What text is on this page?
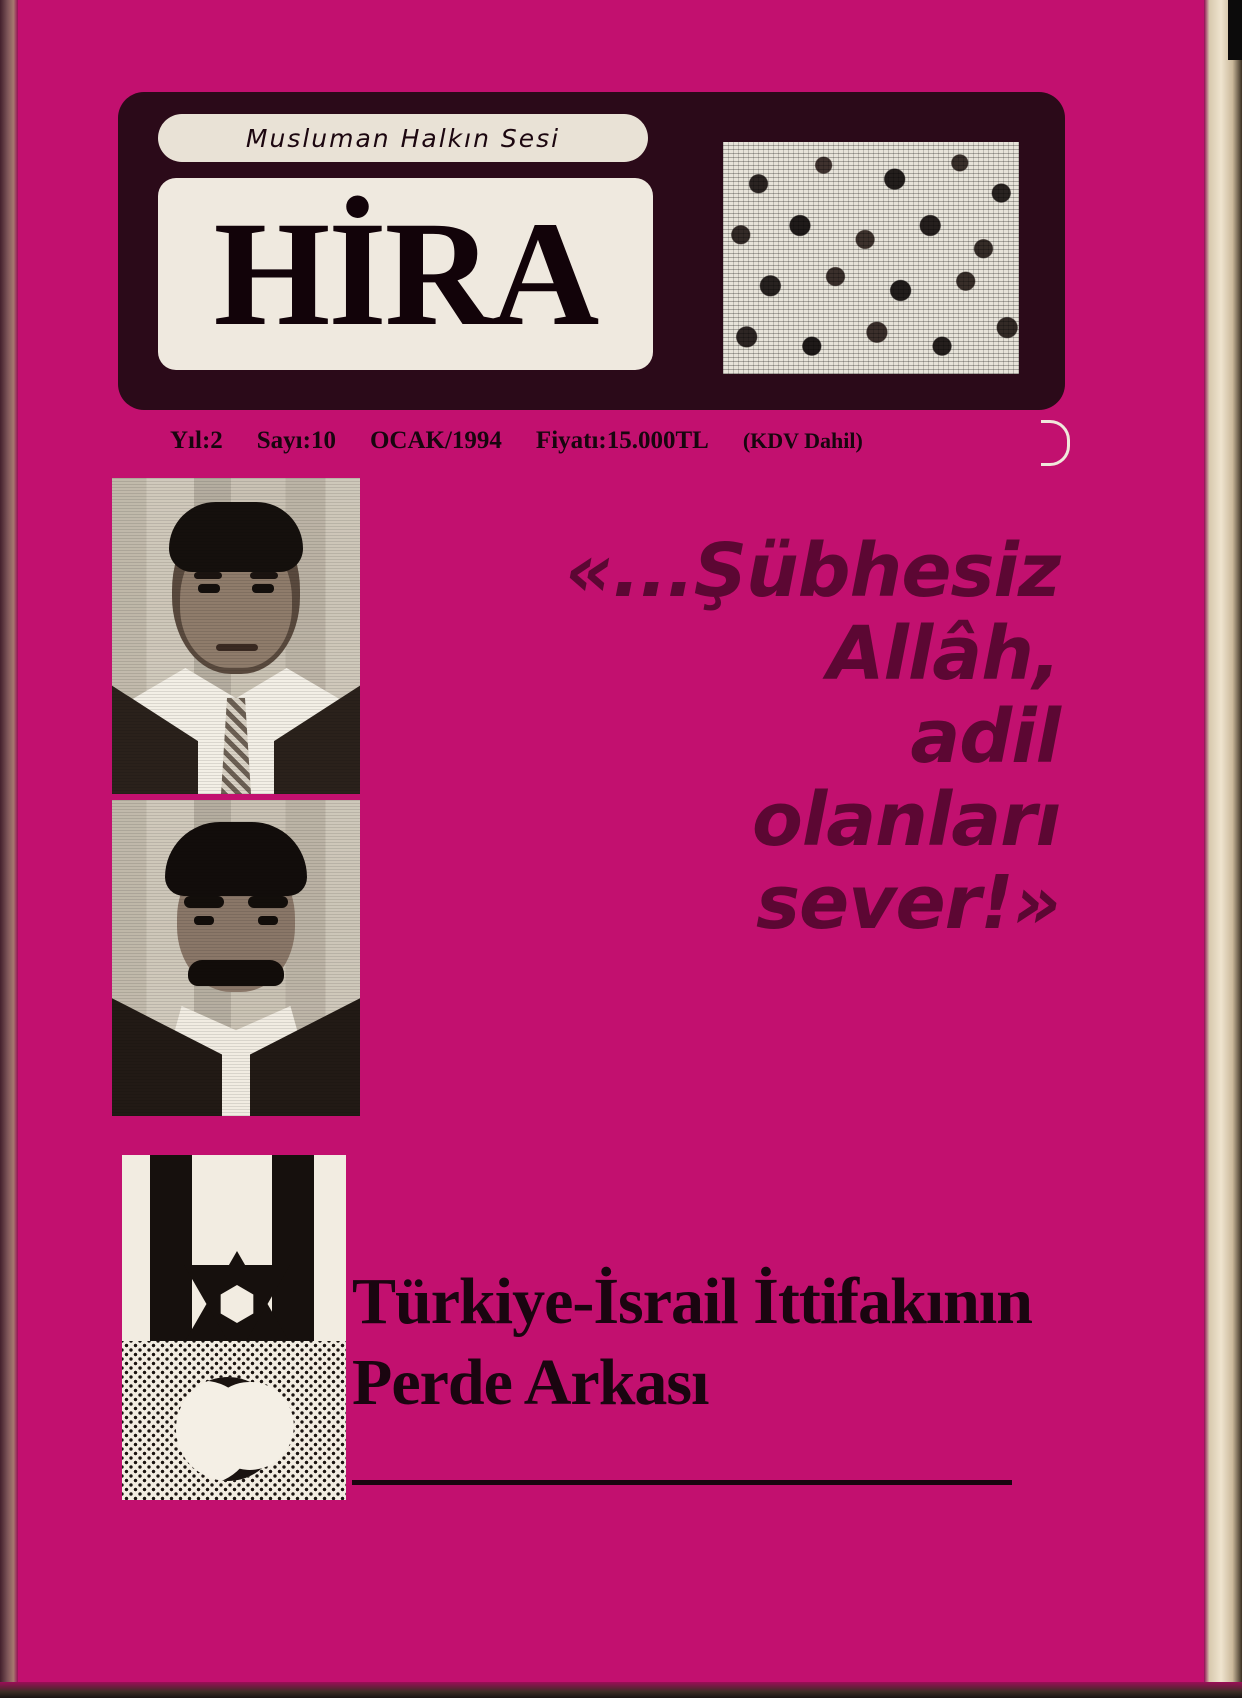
Musluman Halkın Sesi
HİRA
Yıl:2 Sayı:10 OCAK/1994 Fiyatı:15.000TL (KDV Dahil)
«...Şübhesiz
Allâh,
adil
olanları
sever!»
Türkiye-İsrail İttifakının
Perde Arkası
